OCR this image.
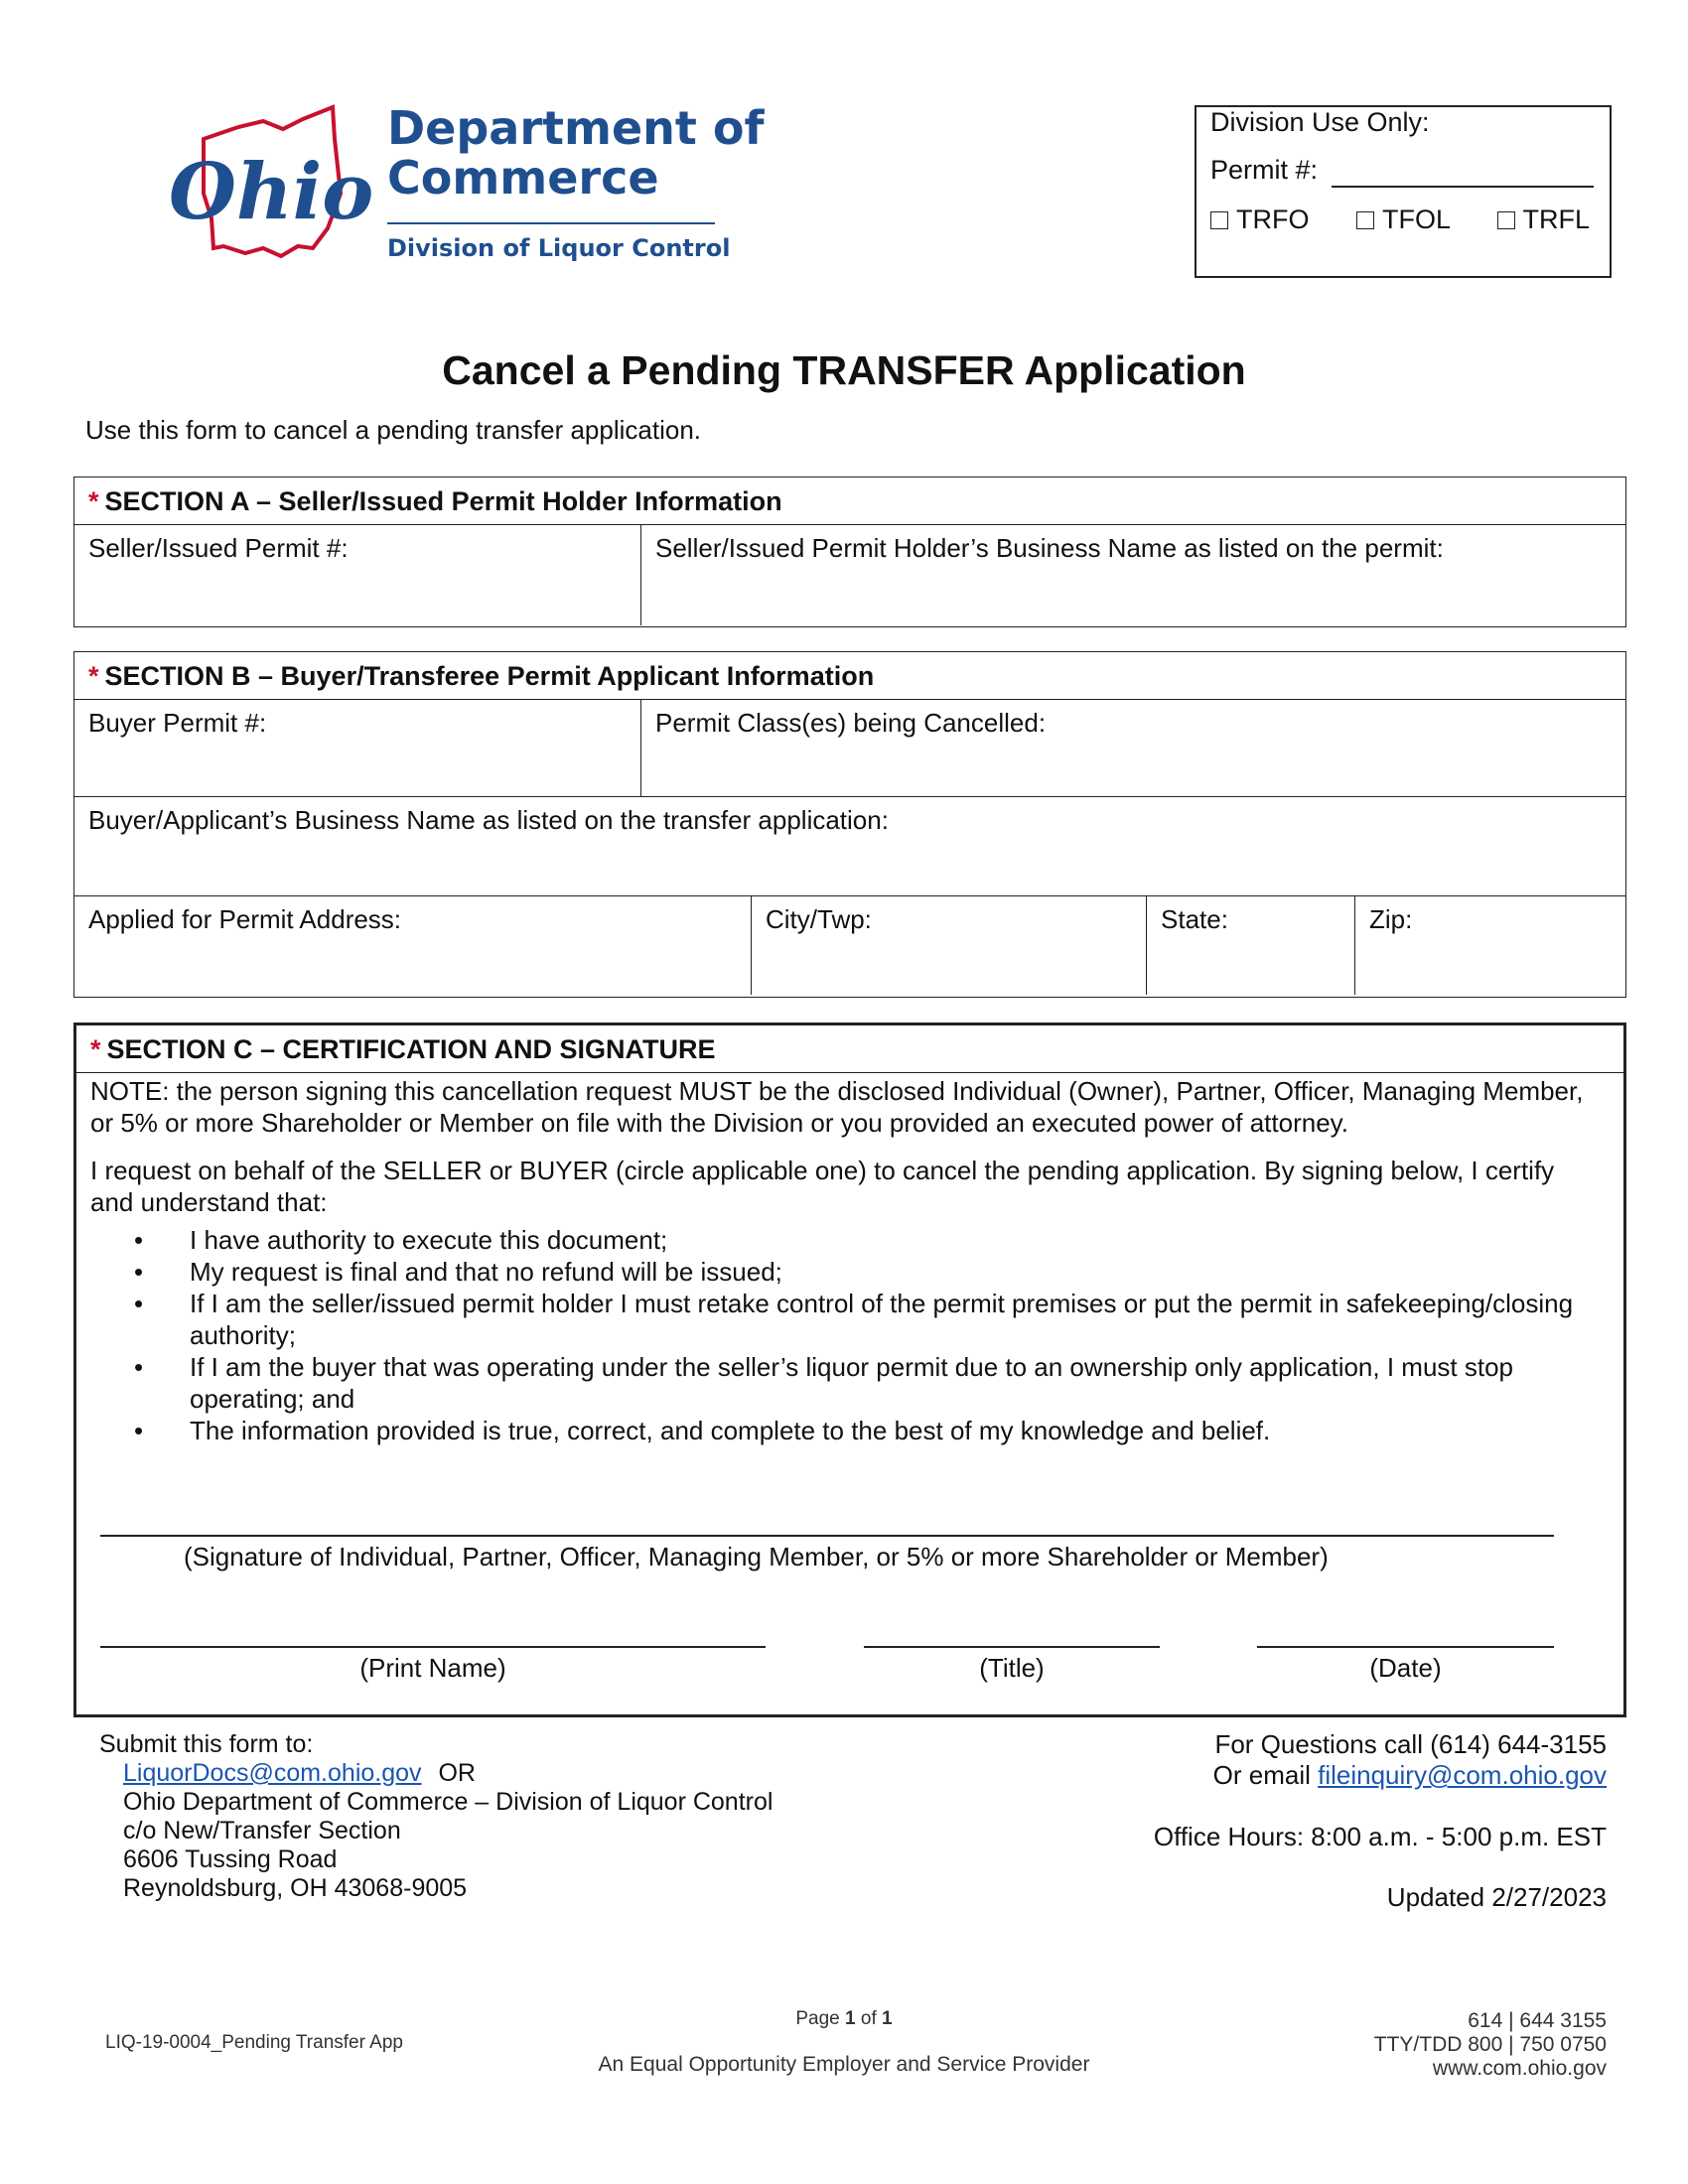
Ohio
Department of
Commerce
Division of Liquor Control
Division Use Only:
Permit #:
TRFO	TFOL	TRFL
Cancel a Pending TRANSFER Application
Use this form to cancel a pending transfer application.
* SECTION A – Seller/Issued Permit Holder Information
Seller/Issued Permit #:	Seller/Issued Permit Holder’s Business Name as listed on the permit:
* SECTION B – Buyer/Transferee Permit Applicant Information
Buyer Permit #:	Permit Class(es) being Cancelled:
Buyer/Applicant’s Business Name as listed on the transfer application:
Applied for Permit Address:	City/Twp:	State:	Zip:
* SECTION C – CERTIFICATION AND SIGNATURE
NOTE: the person signing this cancellation request MUST be the disclosed Individual (Owner), Partner, Officer, Managing Member, or 5% or more Shareholder or Member on file with the Division or you provided an executed power of attorney.
I request on behalf of the SELLER or BUYER (circle applicable one) to cancel the pending application. By signing below, I certify and understand that:
• I have authority to execute this document;
• My request is final and that no refund will be issued;
• If I am the seller/issued permit holder I must retake control of the permit premises or put the permit in safekeeping/closing authority;
• If I am the buyer that was operating under the seller’s liquor permit due to an ownership only application, I must stop operating; and
• The information provided is true, correct, and complete to the best of my knowledge and belief.
(Signature of Individual, Partner, Officer, Managing Member, or 5% or more Shareholder or Member)
(Print Name)	(Title)	(Date)
Submit this form to:
LiquorDocs@com.ohio.gov OR
Ohio Department of Commerce – Division of Liquor Control
c/o New/Transfer Section
6606 Tussing Road
Reynoldsburg, OH 43068-9005
For Questions call (614) 644-3155
Or email fileinquiry@com.ohio.gov
Office Hours: 8:00 a.m. - 5:00 p.m. EST
Updated 2/27/2023
LIQ-19-0004_Pending Transfer App
Page 1 of 1
An Equal Opportunity Employer and Service Provider
614 | 644 3155
TTY/TDD 800 | 750 0750
www.com.ohio.gov
